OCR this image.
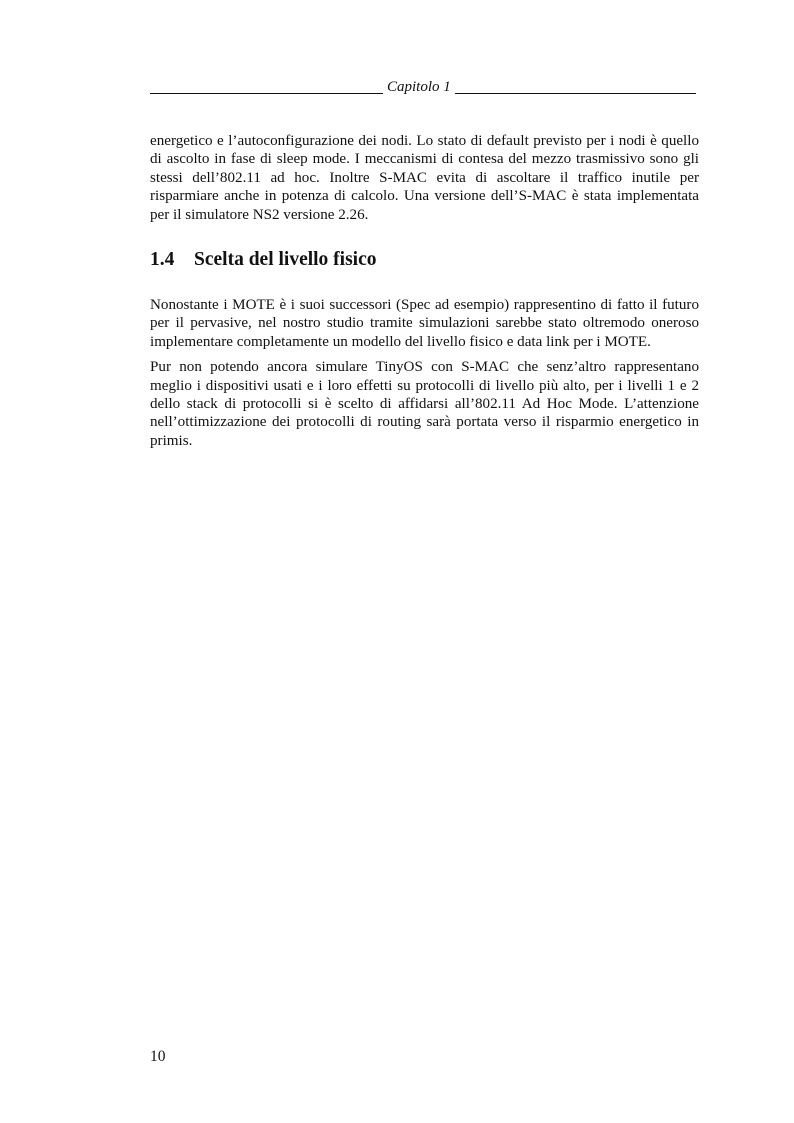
Capitolo 1

energetico e l’autoconfigurazione dei nodi. Lo stato di default previsto per i nodi è quello di ascolto in fase di sleep mode. I meccanismi di contesa del mezzo trasmissivo sono gli stessi dell’802.11 ad hoc. Inoltre S-MAC evita di ascoltare il traffico inutile per risparmiare anche in potenza di calcolo. Una versione dell’S-MAC è stata implementata per il simulatore NS2 versione 2.26.

1.4	Scelta del livello fisico

Nonostante i MOTE è i suoi successori (Spec ad esempio) rappresentino di fatto il futuro per il pervasive, nel nostro studio tramite simulazioni sarebbe stato oltremodo oneroso implementare completamente un modello del livello fisico e data link per i MOTE.

Pur non potendo ancora simulare TinyOS con S-MAC che senz’altro rappresentano meglio i dispositivi usati e i loro effetti su protocolli di livello più alto, per i livelli 1 e 2 dello stack di protocolli si è scelto di affidarsi all’802.11 Ad Hoc Mode. L’attenzione nell’ottimizzazione dei protocolli di routing sarà portata verso il risparmio energetico in primis.

10
